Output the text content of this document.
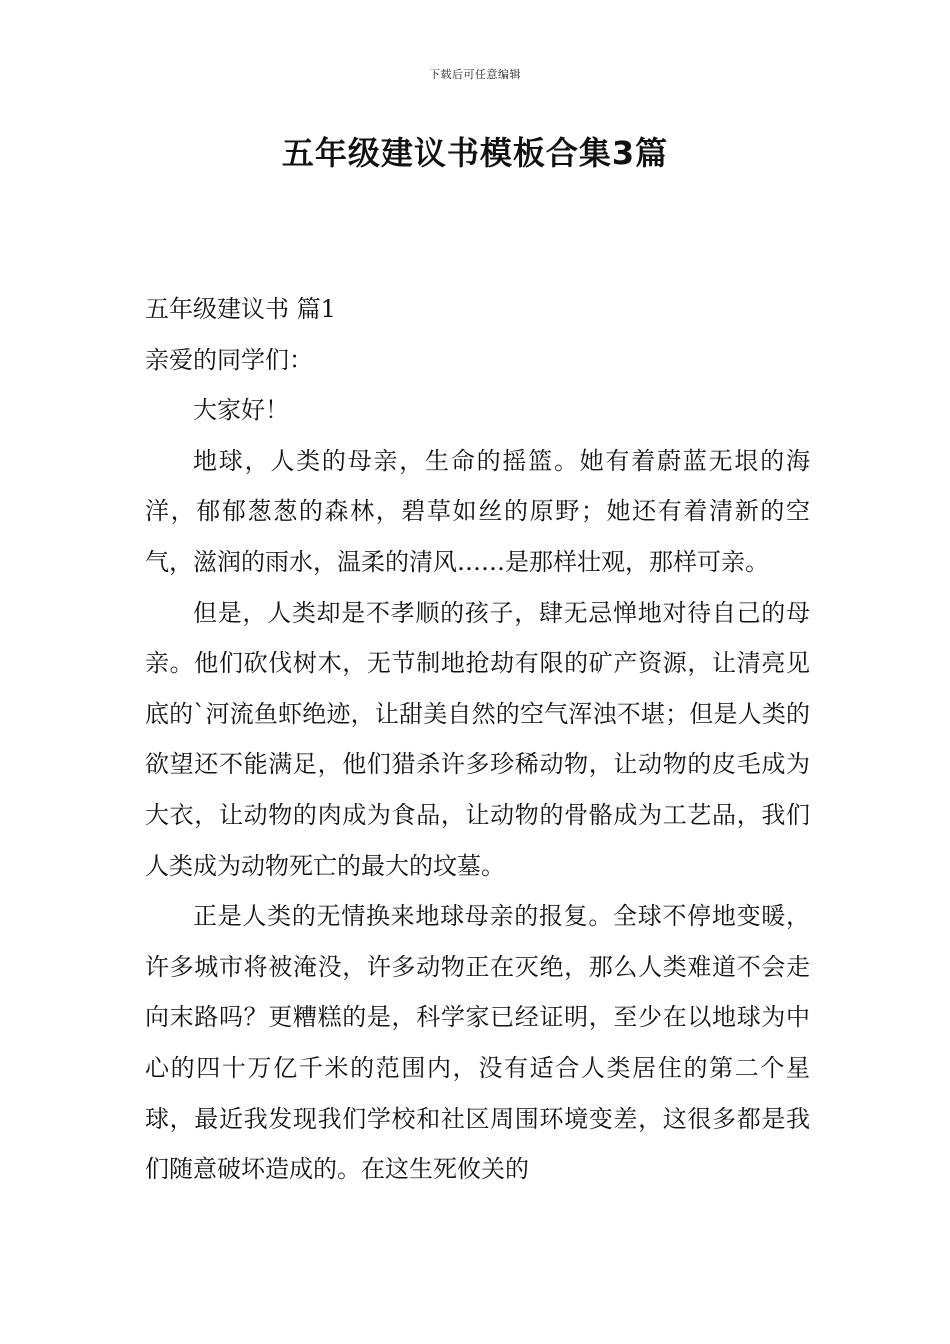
下载后可任意编辑
五年级建议书模板合集3篇

五年级建议书 篇1

亲爱的同学们：

大家好！

地球，人类的母亲，生命的摇篮。她有着蔚蓝无垠的海洋，郁郁葱葱的森林，碧草如丝的原野；她还有着清新的空气，滋润的雨水，温柔的清风……是那样壮观，那样可亲。

但是，人类却是不孝顺的孩子，肆无忌惮地对待自己的母亲。他们砍伐树木，无节制地抢劫有限的矿产资源，让清亮见底的`河流鱼虾绝迹，让甜美自然的空气浑浊不堪；但是人类的欲望还不能满足，他们猎杀许多珍稀动物，让动物的皮毛成为大衣，让动物的肉成为食品，让动物的骨骼成为工艺品，我们人类成为动物死亡的最大的坟墓。

正是人类的无情换来地球母亲的报复。全球不停地变暖，许多城市将被淹没，许多动物正在灭绝，那么人类难道不会走向末路吗？更糟糕的是，科学家已经证明，至少在以地球为中心的四十万亿千米的范围内，没有适合人类居住的第二个星球，最近我发现我们学校和社区周围环境变差，这很多都是我们随意破坏造成的。在这生死攸关的
